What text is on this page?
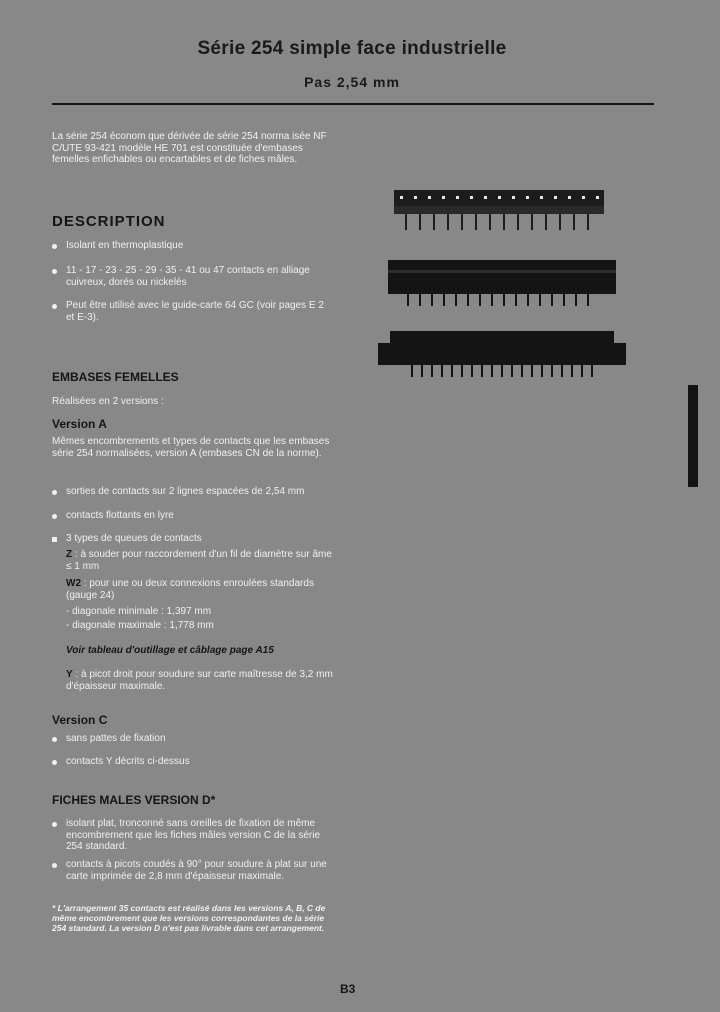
Série 254 simple face industrielle
Pas 2,54 mm
La série 254 économ que dérivée de série 254 norma isée NF C/UTE 93-421 modèle HE 701 est constituée d'embases femelles enfichables ou encartables et de fiches mâles.
DESCRIPTION
Isolant en thermoplastique
11 - 17 - 23 - 25 - 29 - 35 - 41 ou 47 contacts en alliage cuivreux, dorés ou nickelés
Peut être utilisé avec le guide-carte 64 GC (voir pages E 2 et E-3).
EMBASES FEMELLES
Réalisées en 2 versions :
Version A
Mêmes encombrements et types de contacts que les embases série 254 normalisées, version A (embases CN de la norme).
sorties de contacts sur 2 lignes espacées de 2,54 mm
contacts flottants en lyre
3 types de queues de contacts
Z : à souder pour raccordement d'un fil de diamètre sur âme ≤ 1 mm
W2 : pour une ou deux connexions enroulées standards (gauge 24)
- diagonale minimale : 1,397 mm
- diagonale maximale : 1,778 mm
Voir tableau d'outillage et câblage page A15
Y : à picot droit pour soudure sur carte maîtresse de 3,2 mm d'épaisseur maximale.
Version C
sans pattes de fixation
contacts Y décrits ci-dessus
FICHES MALES VERSION D*
isolant plat, tronconné sans oreilles de fixation de même encombrement que les fiches mâles version C de la série 254 standard.
contacts à picots coudés à 90° pour soudure à plat sur une carte imprimée de 2,8 mm d'épaisseur maximale.
* L'arrangement 35 contacts est réalisé dans les versions A, B, C de même encombrement que les versions correspondantes de la série 254 standard. La version D n'est pas livrable dans cet arrangement.
B3
